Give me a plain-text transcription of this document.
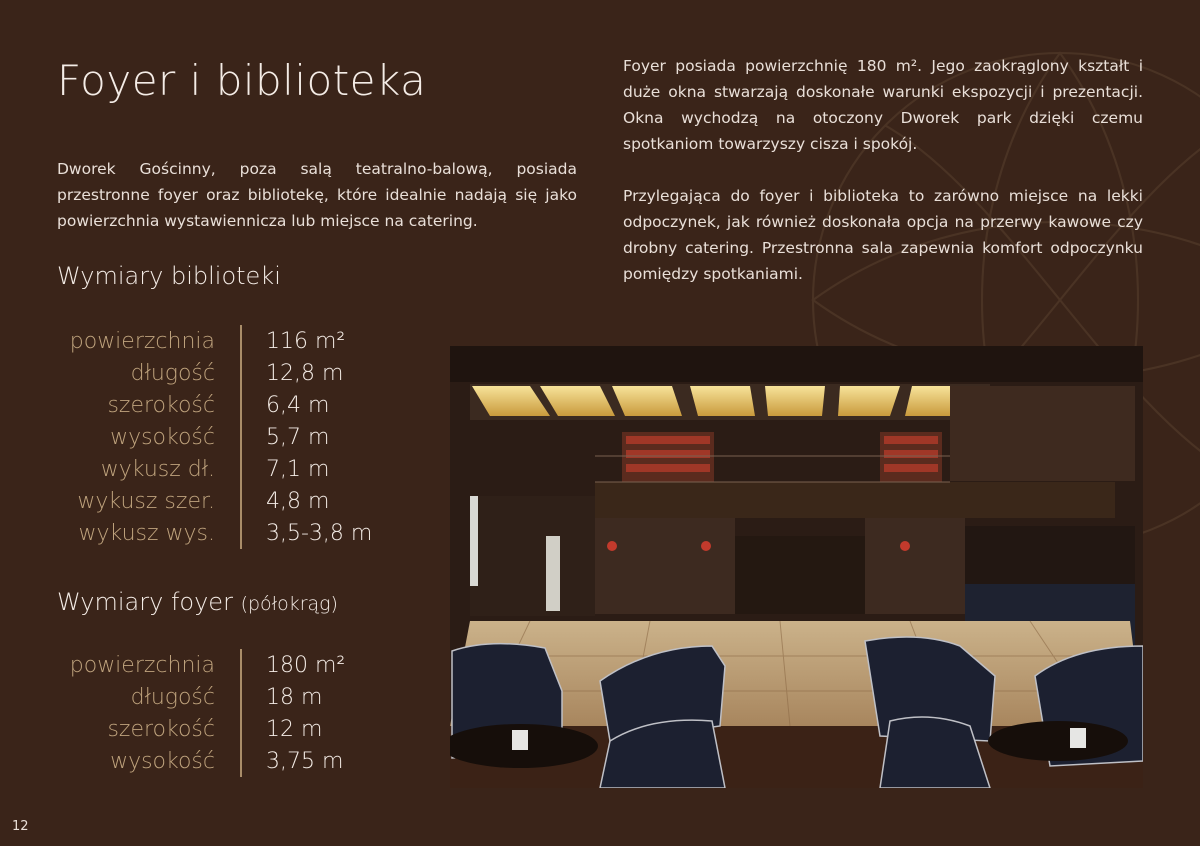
Foyer i biblioteka

Dworek Gościnny, poza salą teatralno-balową, posiada przestronne foyer oraz bibliotekę, które idealnie nadają się jako powierzchnia wystawiennicza lub miejsce na catering.

Foyer posiada powierzchnię 180 m². Jego zaokrąglony kształt i duże okna stwarzają doskonałe warunki ekspozycji i prezentacji. Okna wychodzą na otoczony Dworek park dzięki czemu spotkaniom towarzyszy cisza i spokój.

Przylegająca do foyer i biblioteka to zarówno miejsce na lekki odpoczynek, jak również doskonała opcja na przerwy kawowe czy drobny catering. Przestronna sala zapewnia komfort odpoczynku pomiędzy spotkaniami.

Wymiary biblioteki
powierzchnia 116 m²
długość 12,8 m
szerokość 6,4 m
wysokość 5,7 m
wykusz dł. 7,1 m
wykusz szer. 4,8 m
wykusz wys. 3,5-3,8 m
Wymiary foyer (półokrąg)
powierzchnia 180 m²
długość 18 m
szerokość 12 m
wysokość 3,75 m
12
